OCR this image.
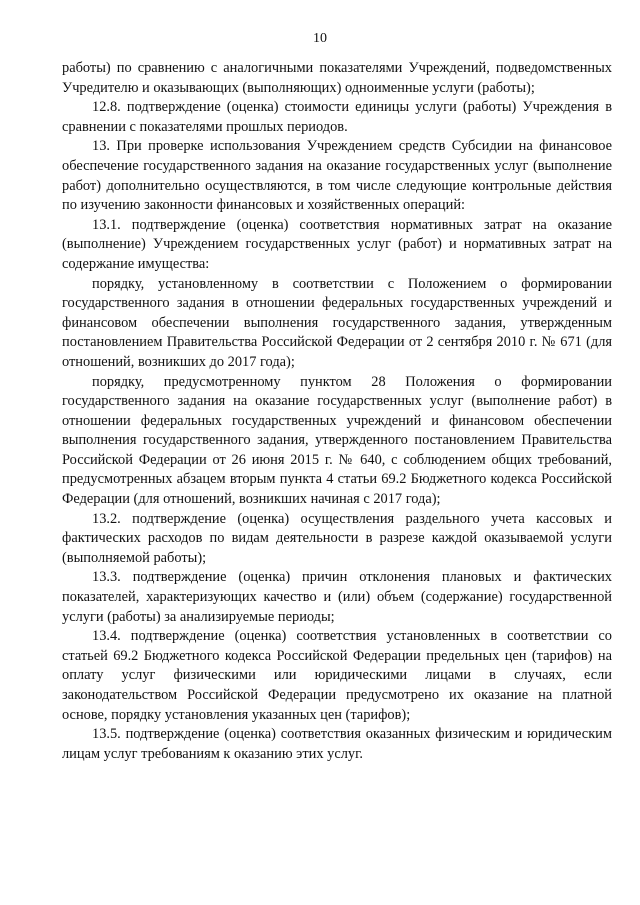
10

работы) по сравнению с аналогичными показателями Учреждений, подведомственных Учредителю и оказывающих (выполняющих) одноименные услуги (работы);

12.8. подтверждение (оценка) стоимости единицы услуги (работы) Учреждения в сравнении с показателями прошлых периодов.

13. При проверке использования Учреждением средств Субсидии на финансовое обеспечение государственного задания на оказание государственных услуг (выполнение работ) дополнительно осуществляются, в том числе следующие контрольные действия по изучению законности финансовых и хозяйственных операций:

13.1. подтверждение (оценка) соответствия нормативных затрат на оказание (выполнение) Учреждением государственных услуг (работ) и нормативных затрат на содержание имущества:

порядку, установленному в соответствии с Положением о формировании государственного задания в отношении федеральных государственных учреждений и финансовом обеспечении выполнения государственного задания, утвержденным постановлением Правительства Российской Федерации от 2 сентября 2010 г. № 671 (для отношений, возникших до 2017 года);

порядку, предусмотренному пунктом 28 Положения о формировании государственного задания на оказание государственных услуг (выполнение работ) в отношении федеральных государственных учреждений и финансовом обеспечении выполнения государственного задания, утвержденного постановлением Правительства Российской Федерации от 26 июня 2015 г. № 640, с соблюдением общих требований, предусмотренных абзацем вторым пункта 4 статьи 69.2 Бюджетного кодекса Российской Федерации (для отношений, возникших начиная с 2017 года);

13.2. подтверждение (оценка) осуществления раздельного учета кассовых и фактических расходов по видам деятельности в разрезе каждой оказываемой услуги (выполняемой работы);

13.3. подтверждение (оценка) причин отклонения плановых и фактических показателей, характеризующих качество и (или) объем (содержание) государственной услуги (работы) за анализируемые периоды;

13.4. подтверждение (оценка) соответствия установленных в соответствии со статьей 69.2 Бюджетного кодекса Российской Федерации предельных цен (тарифов) на оплату услуг физическими или юридическими лицами в случаях, если законодательством Российской Федерации предусмотрено их оказание на платной основе, порядку установления указанных цен (тарифов);

13.5. подтверждение (оценка) соответствия оказанных физическим и юридическим лицам услуг требованиям к оказанию этих услуг.
